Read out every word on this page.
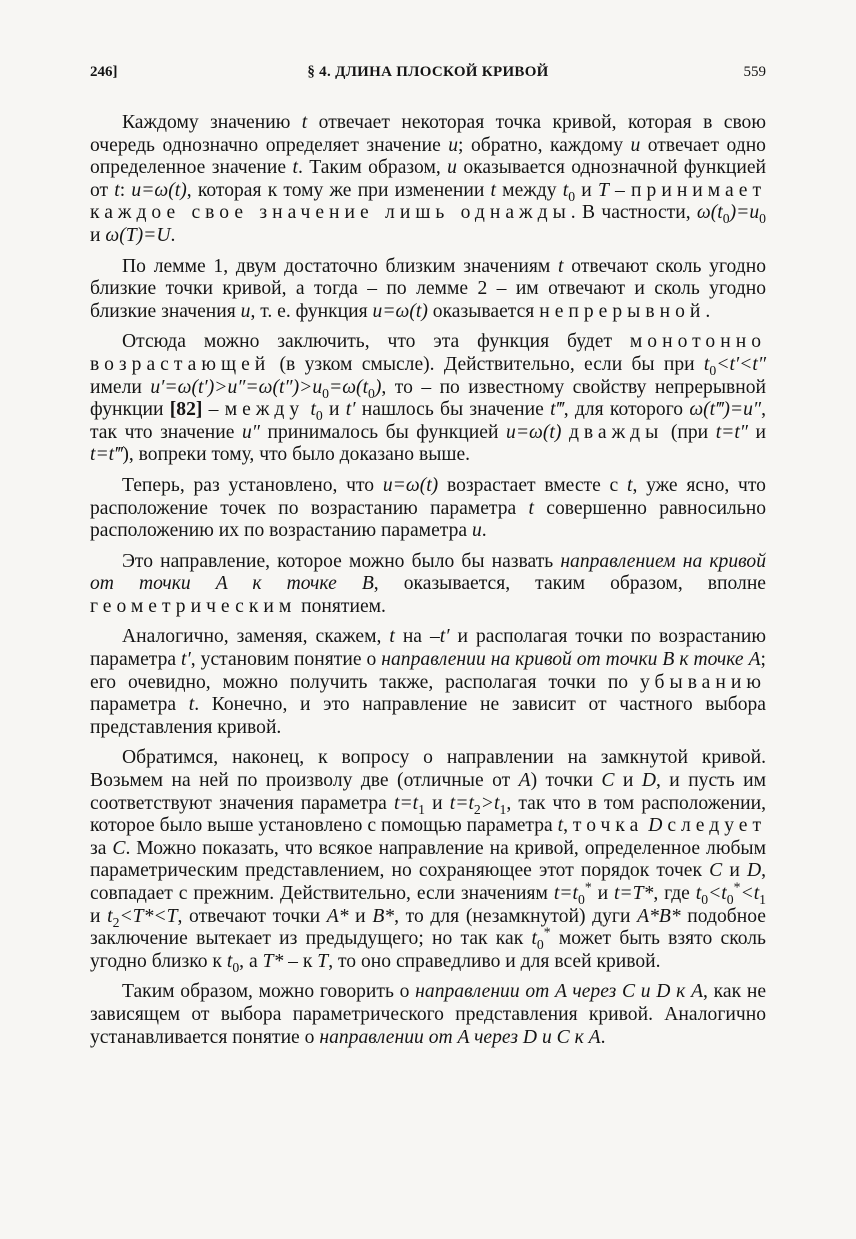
246]	§ 4. ДЛИНА ПЛОСКОЙ КРИВОЙ	559

Каждому значению t отвечает некоторая точка кривой, которая в свою очередь однозначно определяет значение u; обратно, каждому u отвечает одно определенное значение t. Таким образом, u оказывается однозначной функцией от t: u=ω(t), которая к тому же при изменении t между $t_0$ и T – принимает каждое свое значение лишь однажды. В частности, $\omega(t_0)=u_0$ и ω(T)=U.

По лемме 1, двум достаточно близким значениям t отвечают сколь угодно близкие точки кривой, а тогда – по лемме 2 – им отвечают и сколь угодно близкие значения u, т. е. функция u=ω(t) оказывается непрерывной.

Отсюда можно заключить, что эта функция будет монотонно возрастающей (в узком смысле). Действительно, если бы при $t_0<t'<t''$ имели $u'=\omega(t')>u''=\omega(t'')>u_0=\omega(t_0)$, то – по известному свойству непрерывной функции [82] – между $t_0$ и t′ нашлось бы значение t‴, для которого ω(t‴)=u″, так что значение u″ принималось бы функцией u=ω(t) дважды (при t=t″ и t=t‴), вопреки тому, что было доказано выше.

Теперь, раз установлено, что u=ω(t) возрастает вместе с t, уже ясно, что расположение точек по возрастанию параметра t совершенно равносильно расположению их по возрастанию параметра u.

Это направление, которое можно было бы назвать направлением на кривой от точки A к точке B, оказывается, таким образом, вполне геометрическим понятием.

Аналогично, заменяя, скажем, t на –t′ и располагая точки по возрастанию параметра t′, установим понятие о направлении на кривой от точки B к точке A; его очевидно, можно получить также, располагая точки по убыванию параметра t. Конечно, и это направление не зависит от частного выбора представления кривой.

Обратимся, наконец, к вопросу о направлении на замкнутой кривой. Возьмем на ней по произволу две (отличные от A) точки C и D, и пусть им соответствуют значения параметра $t=t_1$ и $t=t_2>t_1$, так что в том расположении, которое было выше установлено с помощью параметра t, точка D следует за C. Можно показать, что всякое направление на кривой, определенное любым параметрическим представлением, но сохраняющее этот порядок точек C и D, совпадает с прежним. Действительно, если значениям $t=t_0^*$ и t=T*, где $t_0<t_0^*<t_1$ и $t_2<T*<T$, отвечают точки A* и B*, то для (незамкнутой) дуги A*B* подобное заключение вытекает из предыдущего; но так как $t_0^*$ может быть взято сколь угодно близко к $t_0$, а T* – к T, то оно справедливо и для всей кривой.

Таким образом, можно говорить о направлении от A через C и D к A, как не зависящем от выбора параметрического представления кривой. Аналогично устанавливается понятие о направлении от A через D и C к A.
